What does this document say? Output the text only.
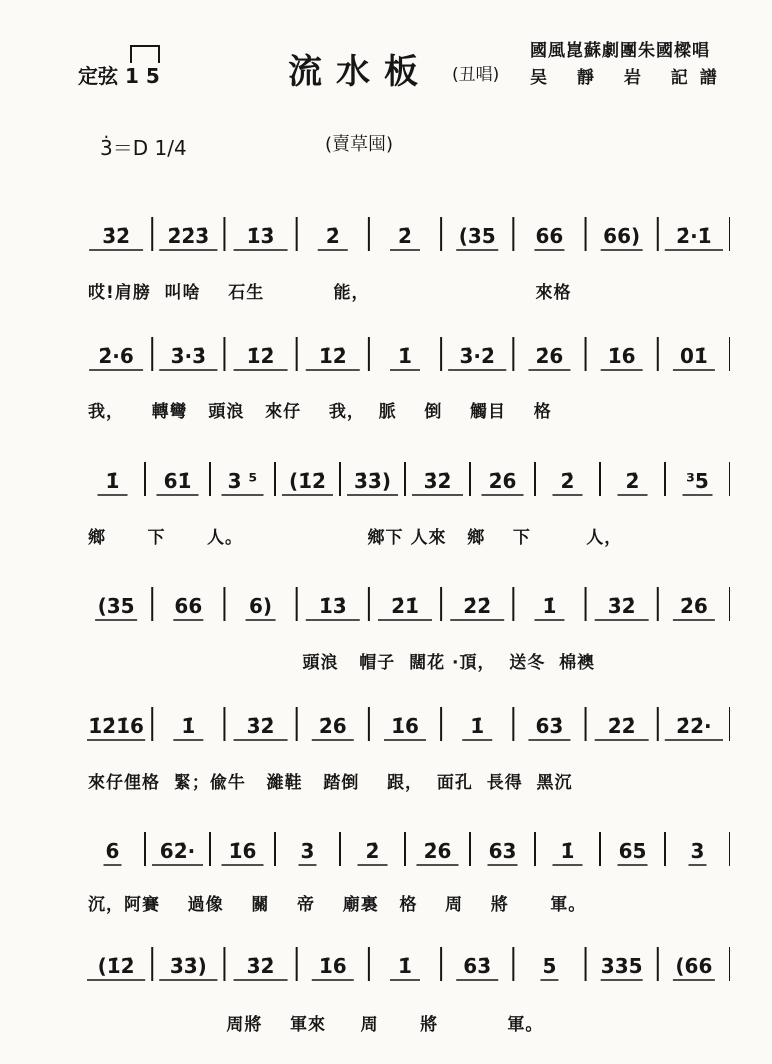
定弦 1 5	流水板 (丑唱)
國風崑蘇劇團朱國樑唱
吴 靜 岩 記譜
3̇＝D 1/4	(賣草囤)
3̇2̇ 2̇2̇3̇ 1̇3̇	2̇	2̇ (35 66 66) 2̇·1̇
哎!肩膀  叫啥    石生          能，                        來格
2̇·6 3̇·3̇ 1̇2̇ 1̇2̇	1̇ 3̇·2̇ 2̇6 1̇6 01̇
我，    轉彎   頭浪   來仔    我，  脈    倒    觸目    格
1̇ 61̇ 3 ⁵ (1̇2̇ 3̇3̇) 3̇2̇ 2̇6 2̇	2̇ ³5
鄉      下      人。                  鄉下 人來   鄉    下        人，
(35 66 6) 1̇3̇ 2̇1̇ 2̇2̇	1̇	3̇2̇ 2̇6
頭浪   帽子  闊花 ·頂，  送冬  棉襖
1̇2̇1̇6 1̇	3̇2̇ 2̇6 1̇6	1̇	63̇ 2̇2̇ 2̇2̇·
來仔俚格  緊；偸牛   濰鞋   踏倒    跟，  面孔  長得  黑沉
6 62̇· 1̇6 3	2̇ 2̇6 63 1̇ 65 3
沉，阿賽    過像    關    帝    廟裏   格    周    將      軍。
(1̇2̇ 3̇3̇) 3̇2̇ 1̇6	1̇	63̇	5 335 (66
周將    軍來     周      將          軍。
